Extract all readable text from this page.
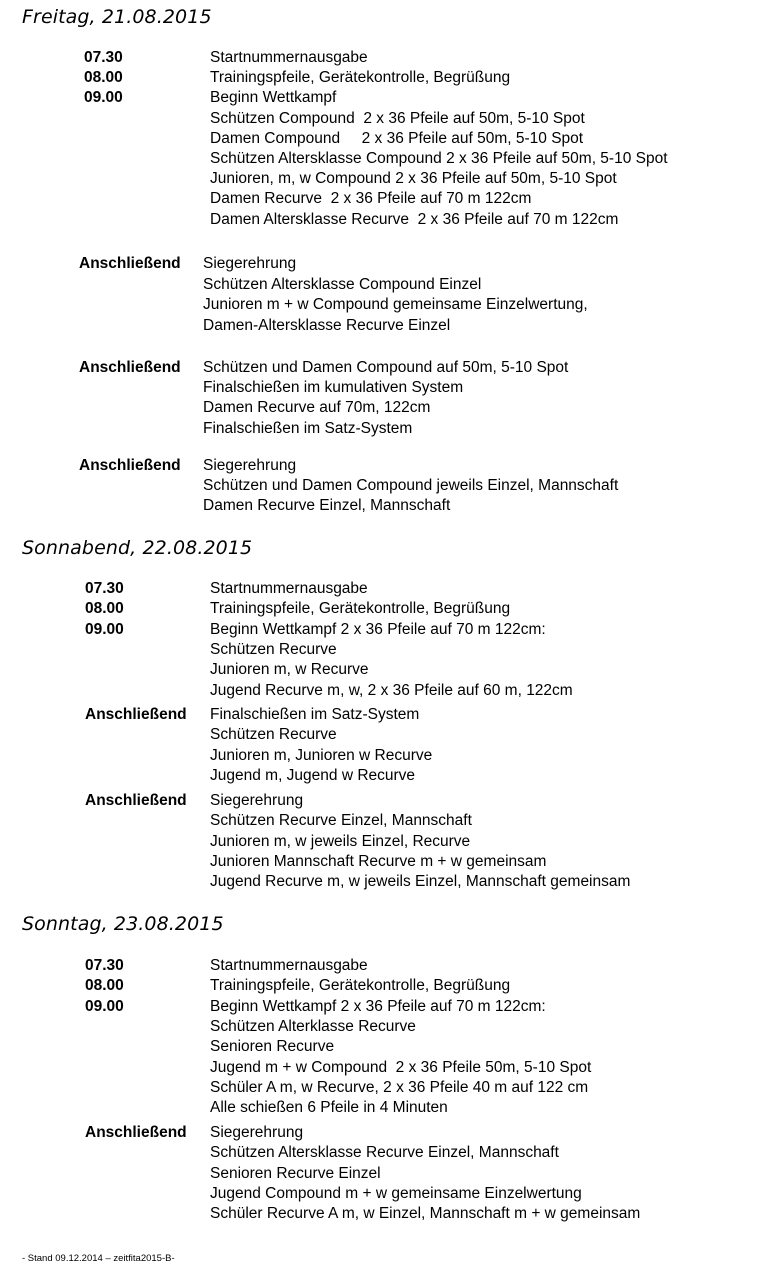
Freitag, 21.08.2015
07.30	Startnummernausgabe
08.00	Trainingspfeile, Gerätekontrolle, Begrüßung
09.00	Beginn Wettkampf
Schützen Compound  2 x 36 Pfeile auf 50m, 5-10 Spot
Damen Compound     2 x 36 Pfeile auf 50m, 5-10 Spot
Schützen Altersklasse Compound 2 x 36 Pfeile auf 50m, 5-10 Spot
Junioren, m, w Compound 2 x 36 Pfeile auf 50m, 5-10 Spot
Damen Recurve  2 x 36 Pfeile auf 70 m 122cm
Damen Altersklasse Recurve  2 x 36 Pfeile auf 70 m 122cm
Anschließend Siegerehrung
Schützen Altersklasse Compound Einzel
Junioren m + w Compound gemeinsame Einzelwertung,
Damen-Altersklasse Recurve Einzel
Anschließend Schützen und Damen Compound auf 50m, 5-10 Spot
Finalschießen im kumulativen System
Damen Recurve auf 70m, 122cm
Finalschießen im Satz-System
Anschließend Siegerehrung
Schützen und Damen Compound jeweils Einzel, Mannschaft
Damen Recurve Einzel, Mannschaft
Sonnabend, 22.08.2015
07.30	Startnummernausgabe
08.00	Trainingspfeile, Gerätekontrolle, Begrüßung
09.00	Beginn Wettkampf 2 x 36 Pfeile auf 70 m 122cm:
Schützen Recurve
Junioren m, w Recurve
Jugend Recurve m, w, 2 x 36 Pfeile auf 60 m, 122cm
Anschließend Finalschießen im Satz-System
Schützen Recurve
Junioren m, Junioren w Recurve
Jugend m, Jugend w Recurve
Anschließend Siegerehrung
Schützen Recurve Einzel, Mannschaft
Junioren m, w jeweils Einzel, Recurve
Junioren Mannschaft Recurve m + w gemeinsam
Jugend Recurve m, w jeweils Einzel, Mannschaft gemeinsam
Sonntag, 23.08.2015
07.30	Startnummernausgabe
08.00	Trainingspfeile, Gerätekontrolle, Begrüßung
09.00	Beginn Wettkampf 2 x 36 Pfeile auf 70 m 122cm:
Schützen Alterklasse Recurve
Senioren Recurve
Jugend m + w Compound  2 x 36 Pfeile 50m, 5-10 Spot
Schüler A m, w Recurve, 2 x 36 Pfeile 40 m auf 122 cm
Alle schießen 6 Pfeile in 4 Minuten
Anschließend Siegerehrung
Schützen Altersklasse Recurve Einzel, Mannschaft
Senioren Recurve Einzel
Jugend Compound m + w gemeinsame Einzelwertung
Schüler Recurve A m, w Einzel, Mannschaft m + w gemeinsam
- Stand 09.12.2014 – zeitfita2015-B-
